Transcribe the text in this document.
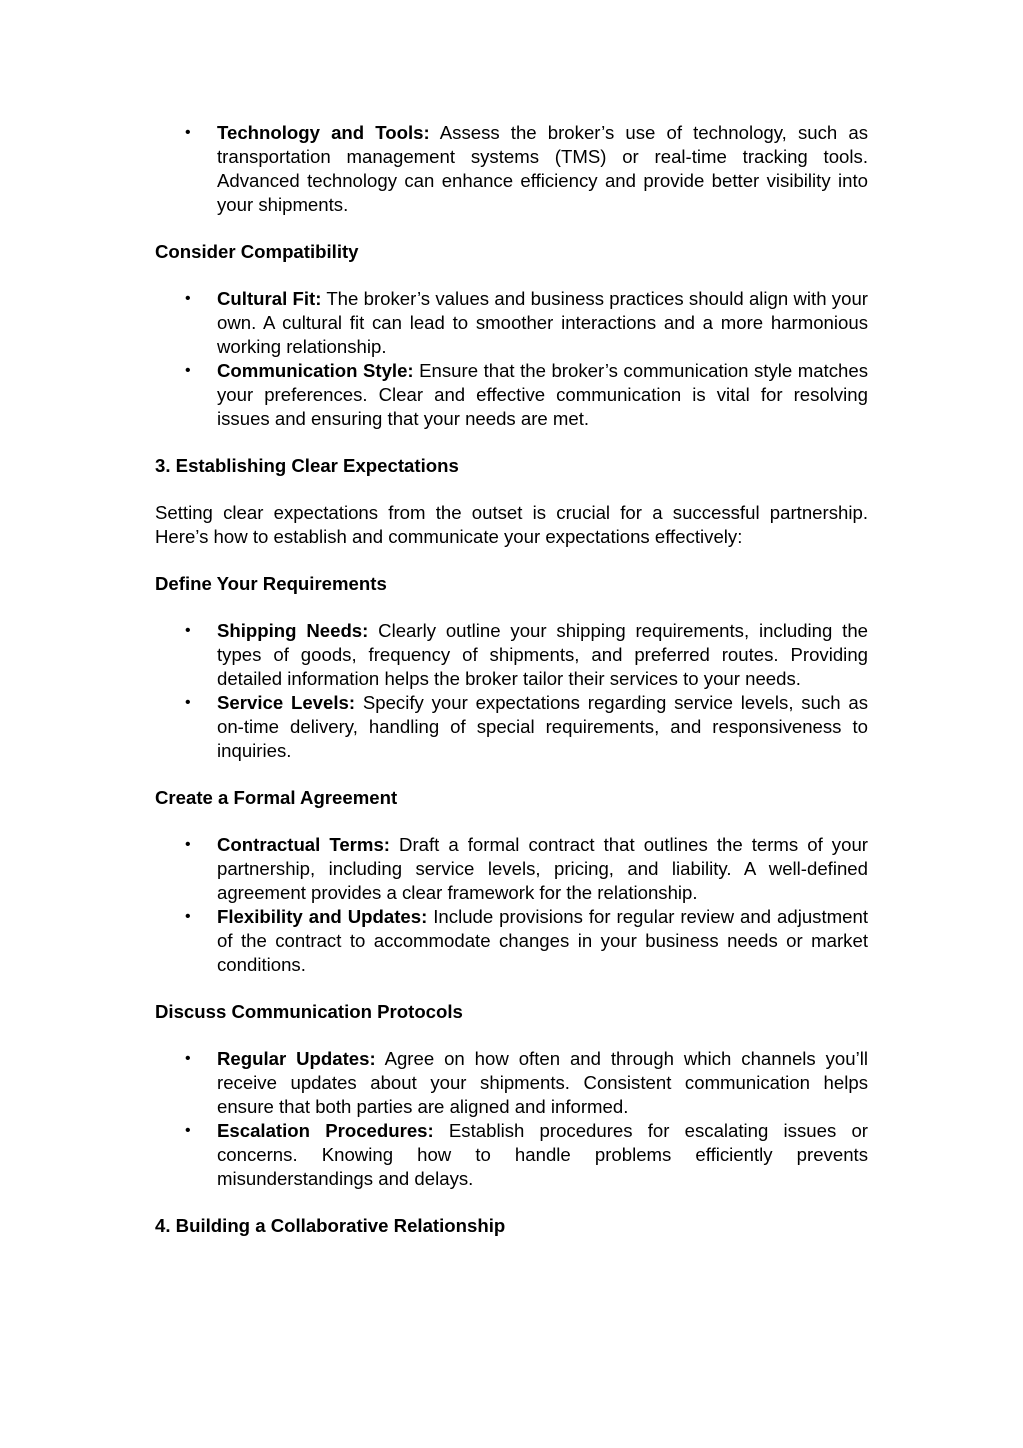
• Technology and Tools: Assess the broker’s use of technology, such as transportation management systems (TMS) or real-time tracking tools. Advanced technology can enhance efficiency and provide better visibility into your shipments.

Consider Compatibility

• Cultural Fit: The broker’s values and business practices should align with your own. A cultural fit can lead to smoother interactions and a more harmonious working relationship.
• Communication Style: Ensure that the broker’s communication style matches your preferences. Clear and effective communication is vital for resolving issues and ensuring that your needs are met.

3. Establishing Clear Expectations

Setting clear expectations from the outset is crucial for a successful partnership. Here’s how to establish and communicate your expectations effectively:

Define Your Requirements

• Shipping Needs: Clearly outline your shipping requirements, including the types of goods, frequency of shipments, and preferred routes. Providing detailed information helps the broker tailor their services to your needs.
• Service Levels: Specify your expectations regarding service levels, such as on-time delivery, handling of special requirements, and responsiveness to inquiries.

Create a Formal Agreement

• Contractual Terms: Draft a formal contract that outlines the terms of your partnership, including service levels, pricing, and liability. A well-defined agreement provides a clear framework for the relationship.
• Flexibility and Updates: Include provisions for regular review and adjustment of the contract to accommodate changes in your business needs or market conditions.

Discuss Communication Protocols

• Regular Updates: Agree on how often and through which channels you’ll receive updates about your shipments. Consistent communication helps ensure that both parties are aligned and informed.
• Escalation Procedures: Establish procedures for escalating issues or concerns. Knowing how to handle problems efficiently prevents misunderstandings and delays.

4. Building a Collaborative Relationship
